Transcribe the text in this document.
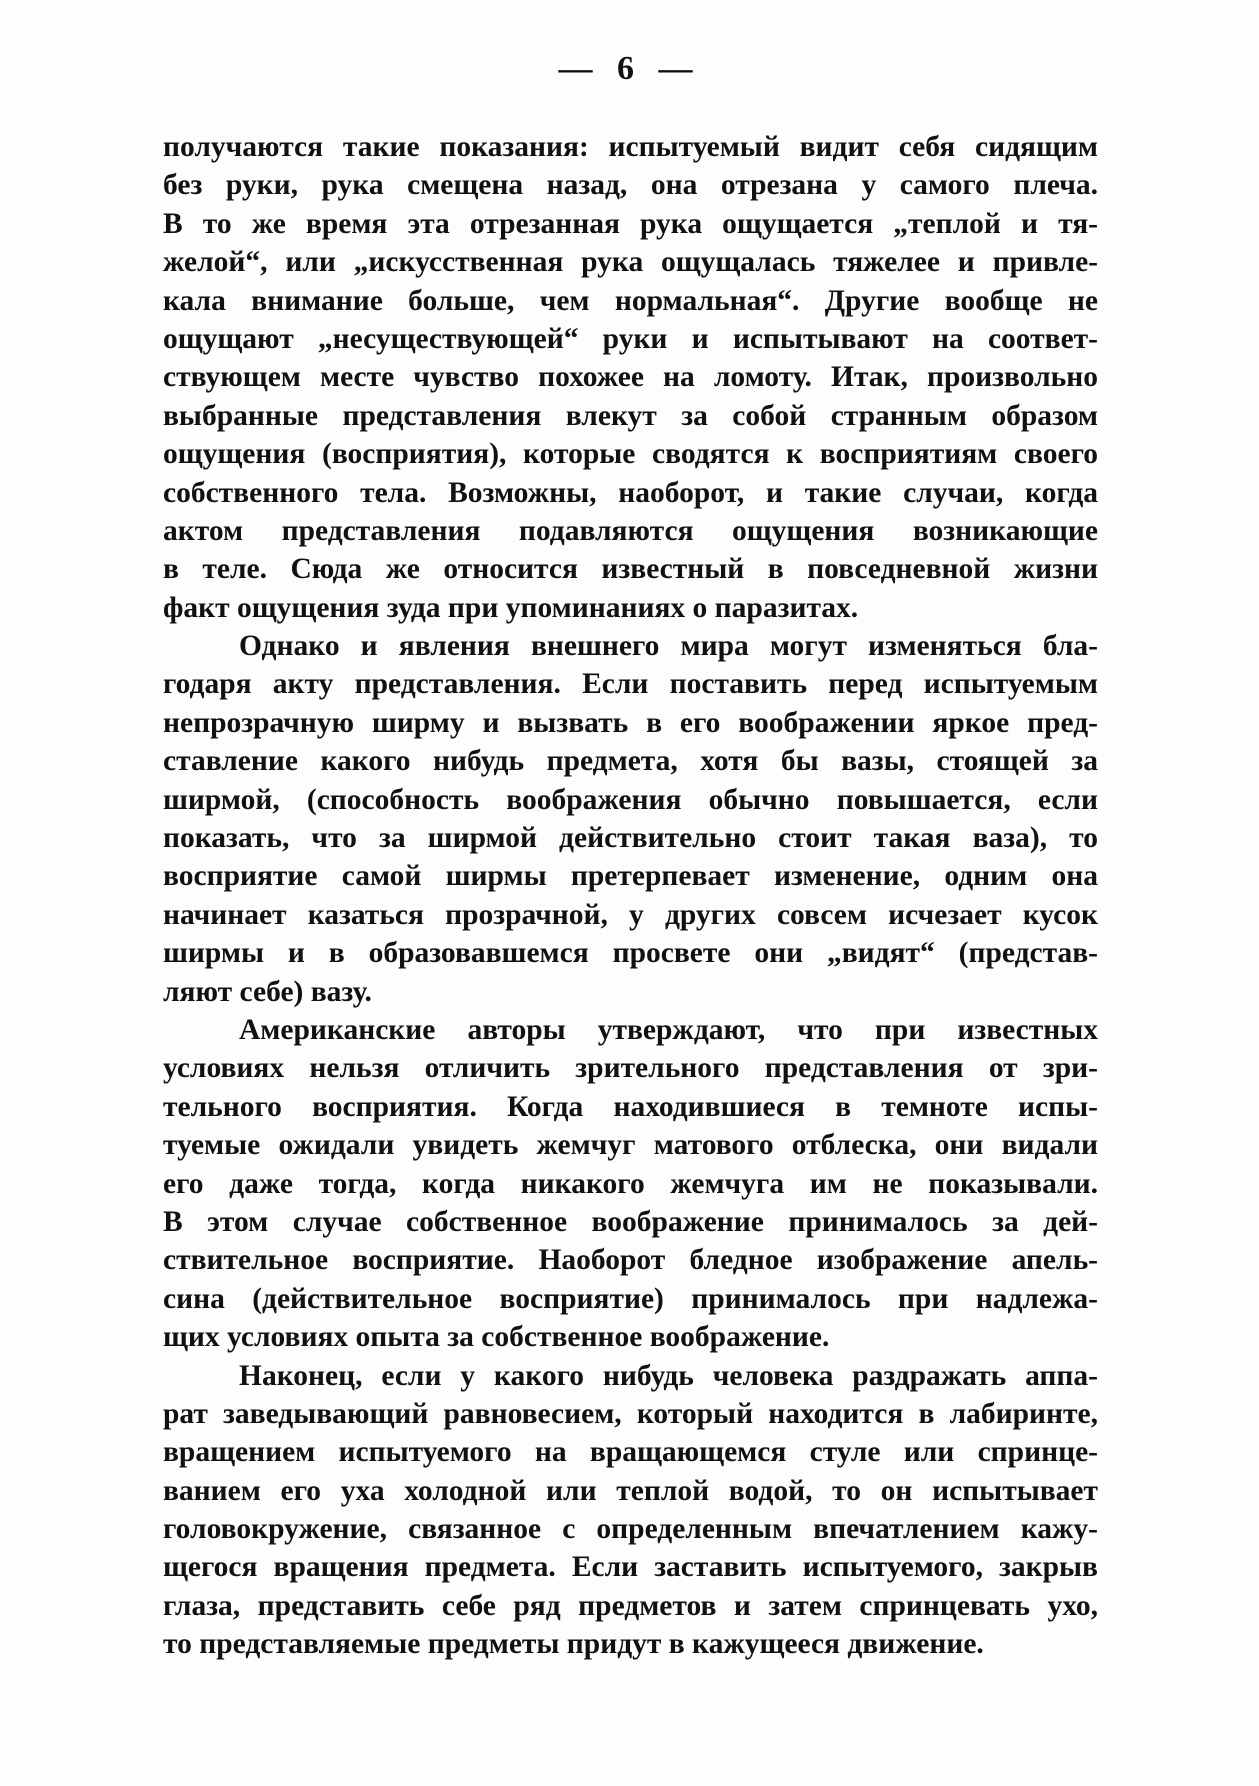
— 6 —
получаются такие показания: испытуемый видит себя сидящим
без руки, рука смещена назад, она отрезана у самого плеча.
В то же время эта отрезанная рука ощущается „теплой и тя-
желой“, или „искусственная рука ощущалась тяжелее и привле-
кала внимание больше, чем нормальная“. Другие вообще не
ощущают „несуществующей“ руки и испытывают на соответ-
ствующем месте чувство похожее на ломоту. Итак, произвольно
выбранные представления влекут за собой странным образом
ощущения (восприятия), которые сводятся к восприятиям своего
собственного тела. Возможны, наоборот, и такие случаи, когда
актом представления подавляются ощущения возникающие
в теле. Сюда же относится известный в повседневной жизни
факт ощущения зуда при упоминаниях о паразитах.
Однако и явления внешнего мира могут изменяться бла-
годаря акту представления. Если поставить перед испытуемым
непрозрачную ширму и вызвать в его воображении яркое пред-
ставление какого нибудь предмета, хотя бы вазы, стоящей за
ширмой, (способность воображения обычно повышается, если
показать, что за ширмой действительно стоит такая ваза), то
восприятие самой ширмы претерпевает изменение, одним она
начинает казаться прозрачной, у других совсем исчезает кусок
ширмы и в образовавшемся просвете они „видят“ (представ-
ляют себе) вазу.
Американские авторы утверждают, что при известных
условиях нельзя отличить зрительного представления от зри-
тельного восприятия. Когда находившиеся в темноте испы-
туемые ожидали увидеть жемчуг матового отблеска, они видали
его даже тогда, когда никакого жемчуга им не показывали.
В этом случае собственное воображение принималось за дей-
ствительное восприятие. Наоборот бледное изображение апель-
сина (действительное восприятие) принималось при надлежа-
щих условиях опыта за собственное воображение.
Наконец, если у какого нибудь человека раздражать аппа-
рат заведывающий равновесием, который находится в лабиринте,
вращением испытуемого на вращающемся стуле или спринце-
ванием его уха холодной или теплой водой, то он испытывает
головокружение, связанное с определенным впечатлением кажу-
щегося вращения предмета. Если заставить испытуемого, закрыв
глаза, представить себе ряд предметов и затем спринцевать ухо,
то представляемые предметы придут в кажущееся движение.
